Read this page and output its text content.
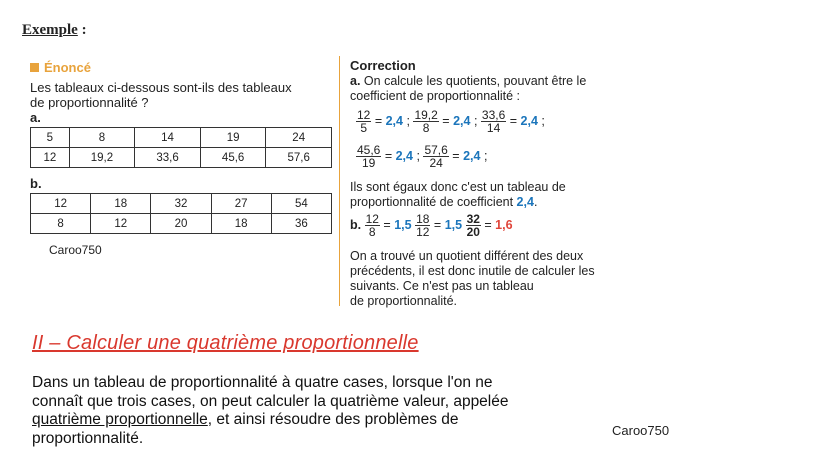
Exemple :
Énoncé
Les tableaux ci-dessous sont-ils des tableaux
de proportionnalité ?
a.
5	8	14	19	24
12	19,2	33,6	45,6	57,6
b.
12	18	32	27	54
8	12	20	18	36
Caroo750
Correction
a. On calcule les quotients, pouvant être le
coefficient de proportionnalité :
$\frac{12}{5} = 2,4$ ; $\frac{19,2}{8} = 2,4$ ; $\frac{33,6}{14} = 2,4$ ;
$\frac{45,6}{19} = 2,4$ ; $\frac{57,6}{24} = 2,4$ ;
Ils sont égaux donc c'est un tableau de
proportionnalité de coefficient 2,4.
b. $\frac{12}{8} = 1,5 \frac{18}{12} = 1,5 \frac{32}{20} = 1,6$
On a trouvé un quotient différent des deux
précédents, il est donc inutile de calculer les
suivants. Ce n'est pas un tableau
de proportionnalité.
II – Calculer une quatrième proportionnelle
Dans un tableau de proportionnalité à quatre cases, lorsque l'on ne
connaît que trois cases, on peut calculer la quatrième valeur, appelée
quatrième proportionnelle, et ainsi résoudre des problèmes de
proportionnalité.	Caroo750
